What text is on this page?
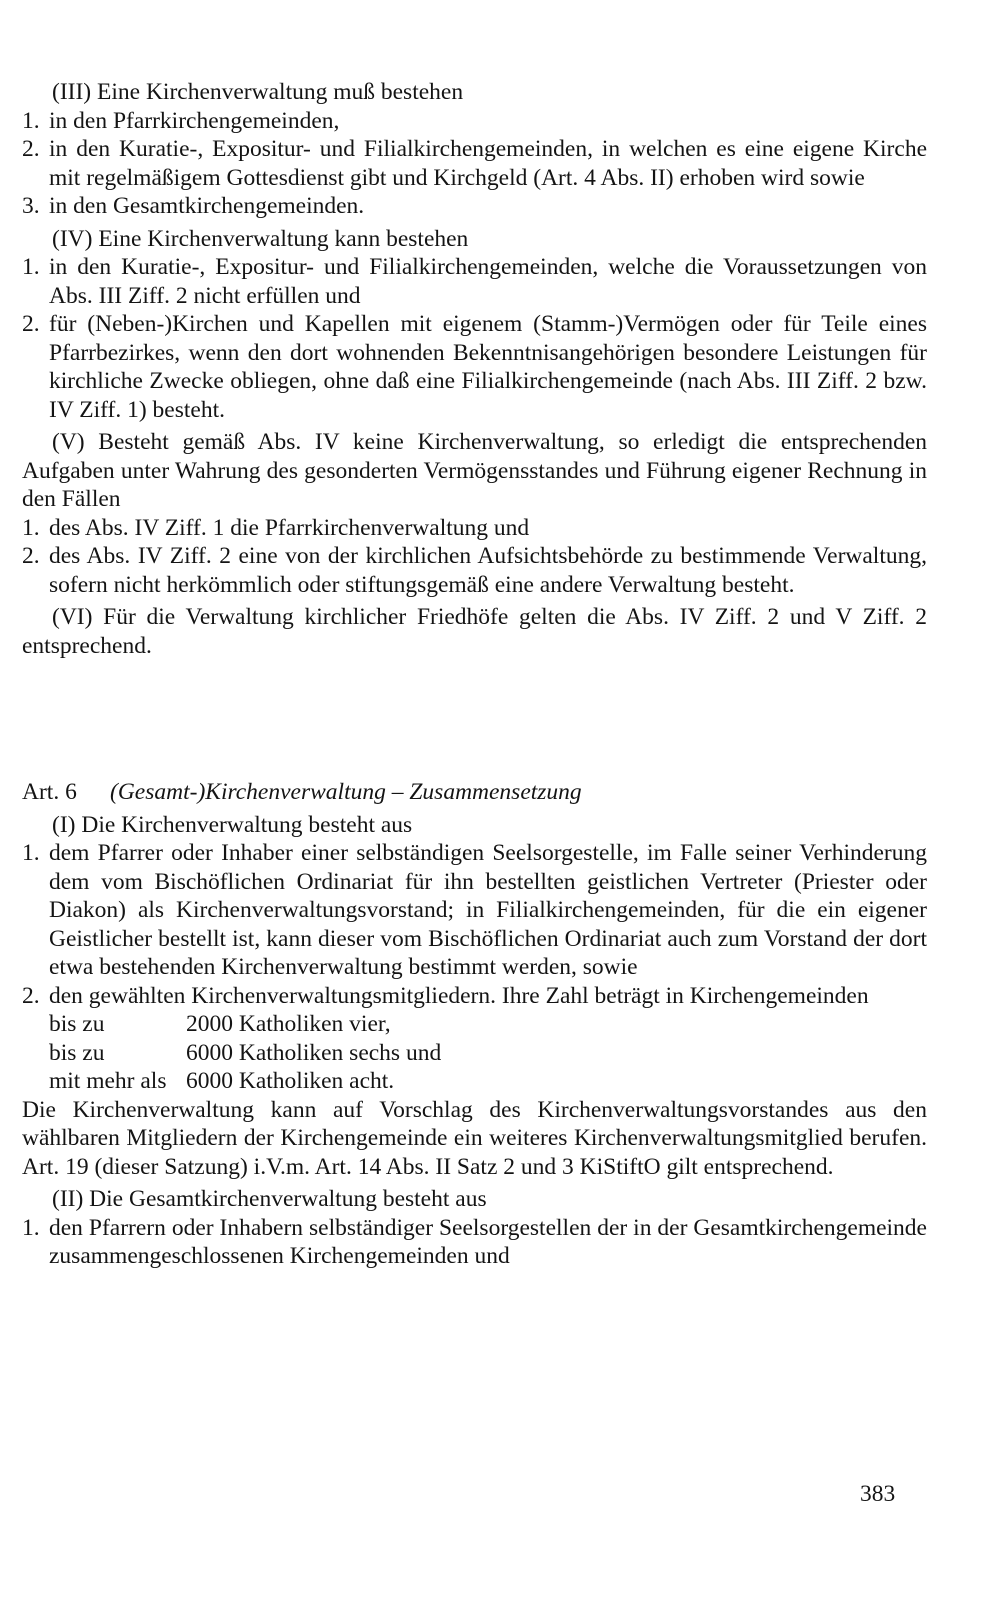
(III) Eine Kirchenverwaltung muß bestehen

1. in den Pfarrkirchengemeinden,
2. in den Kuratie-, Expositur- und Filialkirchengemeinden, in welchen es eine eigene Kirche mit regelmäßigem Gottesdienst gibt und Kirchgeld (Art. 4 Abs. II) erhoben wird sowie
3. in den Gesamtkirchengemeinden.

(IV) Eine Kirchenverwaltung kann bestehen

1. in den Kuratie-, Expositur- und Filialkirchengemeinden, welche die Voraussetzungen von Abs. III Ziff. 2 nicht erfüllen und
2. für (Neben-)Kirchen und Kapellen mit eigenem (Stamm-)Vermögen oder für Teile eines Pfarrbezirkes, wenn den dort wohnenden Bekenntnisangehörigen besondere Leistungen für kirchliche Zwecke obliegen, ohne daß eine Filialkirchengemeinde (nach Abs. III Ziff. 2 bzw. IV Ziff. 1) besteht.

(V) Besteht gemäß Abs. IV keine Kirchenverwaltung, so erledigt die entsprechenden Aufgaben unter Wahrung des gesonderten Vermögensstandes und Führung eigener Rechnung in den Fällen

1. des Abs. IV Ziff. 1 die Pfarrkirchenverwaltung und
2. des Abs. IV Ziff. 2 eine von der kirchlichen Aufsichtsbehörde zu bestimmende Verwaltung, sofern nicht herkömmlich oder stiftungsgemäß eine andere Verwaltung besteht.

(VI) Für die Verwaltung kirchlicher Friedhöfe gelten die Abs. IV Ziff. 2 und V Ziff. 2 entsprechend.

Art. 6	(Gesamt-)Kirchenverwaltung – Zusammensetzung

(I) Die Kirchenverwaltung besteht aus

1. dem Pfarrer oder Inhaber einer selbständigen Seelsorgestelle, im Falle seiner Verhinderung dem vom Bischöflichen Ordinariat für ihn bestellten geistlichen Vertreter (Priester oder Diakon) als Kirchenverwaltungsvorstand; in Filialkirchengemeinden, für die ein eigener Geistlicher bestellt ist, kann dieser vom Bischöflichen Ordinariat auch zum Vorstand der dort etwa bestehenden Kirchenverwaltung bestimmt werden, sowie
2. den gewählten Kirchenverwaltungsmitgliedern. Ihre Zahl beträgt in Kirchengemeinden
bis zu	2000 Katholiken vier,
bis zu	6000 Katholiken sechs und
mit mehr als	6000 Katholiken acht.

Die Kirchenverwaltung kann auf Vorschlag des Kirchenverwaltungsvorstandes aus den wählbaren Mitgliedern der Kirchengemeinde ein weiteres Kirchenverwaltungsmitglied berufen. Art. 19 (dieser Satzung) i.V.m. Art. 14 Abs. II Satz 2 und 3 KiStiftO gilt entsprechend.

(II) Die Gesamtkirchenverwaltung besteht aus

1. den Pfarrern oder Inhabern selbständiger Seelsorgestellen der in der Gesamtkirchengemeinde zusammengeschlossenen Kirchengemeinden und
383
